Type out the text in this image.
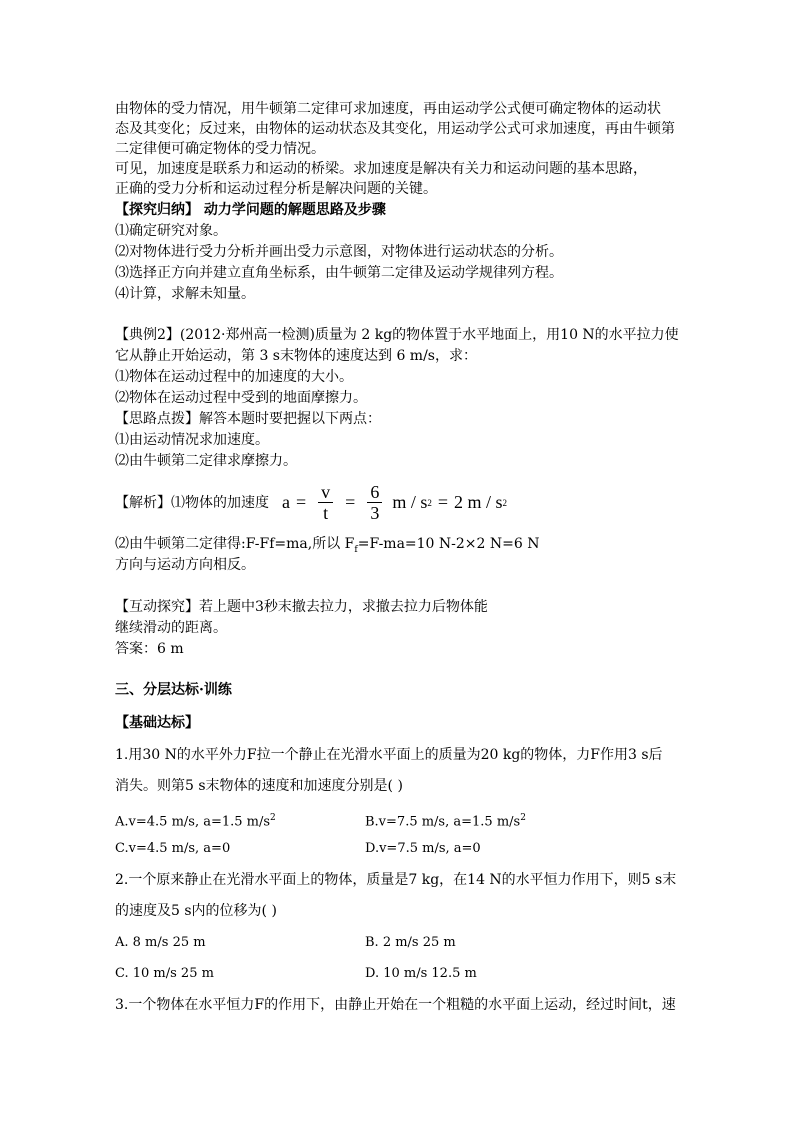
由物体的受力情况，用牛顿第二定律可求加速度，再由运动学公式便可确定物体的运动状
态及其变化；反过来，由物体的运动状态及其变化，用运动学公式可求加速度，再由牛顿第
二定律便可确定物体的受力情况。
可见，加速度是联系力和运动的桥梁。求加速度是解决有关力和运动问题的基本思路，
正确的受力分析和运动过程分析是解决问题的关键。
【探究归纳】 动力学问题的解题思路及步骤
⑴确定研究对象。
⑵对物体进行受力分析并画出受力示意图，对物体进行运动状态的分析。
⑶选择正方向并建立直角坐标系，由牛顿第二定律及运动学规律列方程。
⑷计算，求解未知量。
【典例2】(2012·郑州高一检测)质量为 2 kg的物体置于水平地面上，用10 N的水平拉力使
它从静止开始运动，第 3 s末物体的速度达到 6 m/s，求：
⑴物体在运动过程中的加速度的大小。
⑵物体在运动过程中受到的地面摩擦力。
【思路点拨】解答本题时要把握以下两点：
⑴由运动情况求加速度。
⑵由牛顿第二定律求摩擦力。
【解析】⑴物体的加速度 $a = \frac{v}{t} = \frac{6}{3}$ m / s 2 = 2 m / s 2
⑵由牛顿第二定律得:F-Ff=ma,所以 $F_f=F-ma=10$ N-2×2 N=6 N
方向与运动方向相反。
【互动探究】若上题中3秒末撤去拉力，求撤去拉力后物体能
继续滑动的距离。
答案：6 m
三、分层达标·训练
【基础达标】
1.用30 N的水平外力F拉一个静止在光滑水平面上的质量为20 kg的物体，力F作用3 s后
消失。则第5 s末物体的速度和加速度分别是( )
A.v=4.5 m/s, a=1.5 $m/s^2$	B.v=7.5 m/s, a=1.5 $m/s^2$
C.v=4.5 m/s, a=0	D.v=7.5 m/s, a=0
2.一个原来静止在光滑水平面上的物体，质量是7 kg，在14 N的水平恒力作用下，则5 s末
的速度及5 s内的位移为( )
A. 8 m/s 25 m	B. 2 m/s 25 m
C. 10 m/s 25 m	D. 10 m/s 12.5 m
3.一个物体在水平恒力F的作用下，由静止开始在一个粗糙的水平面上运动，经过时间t，速
